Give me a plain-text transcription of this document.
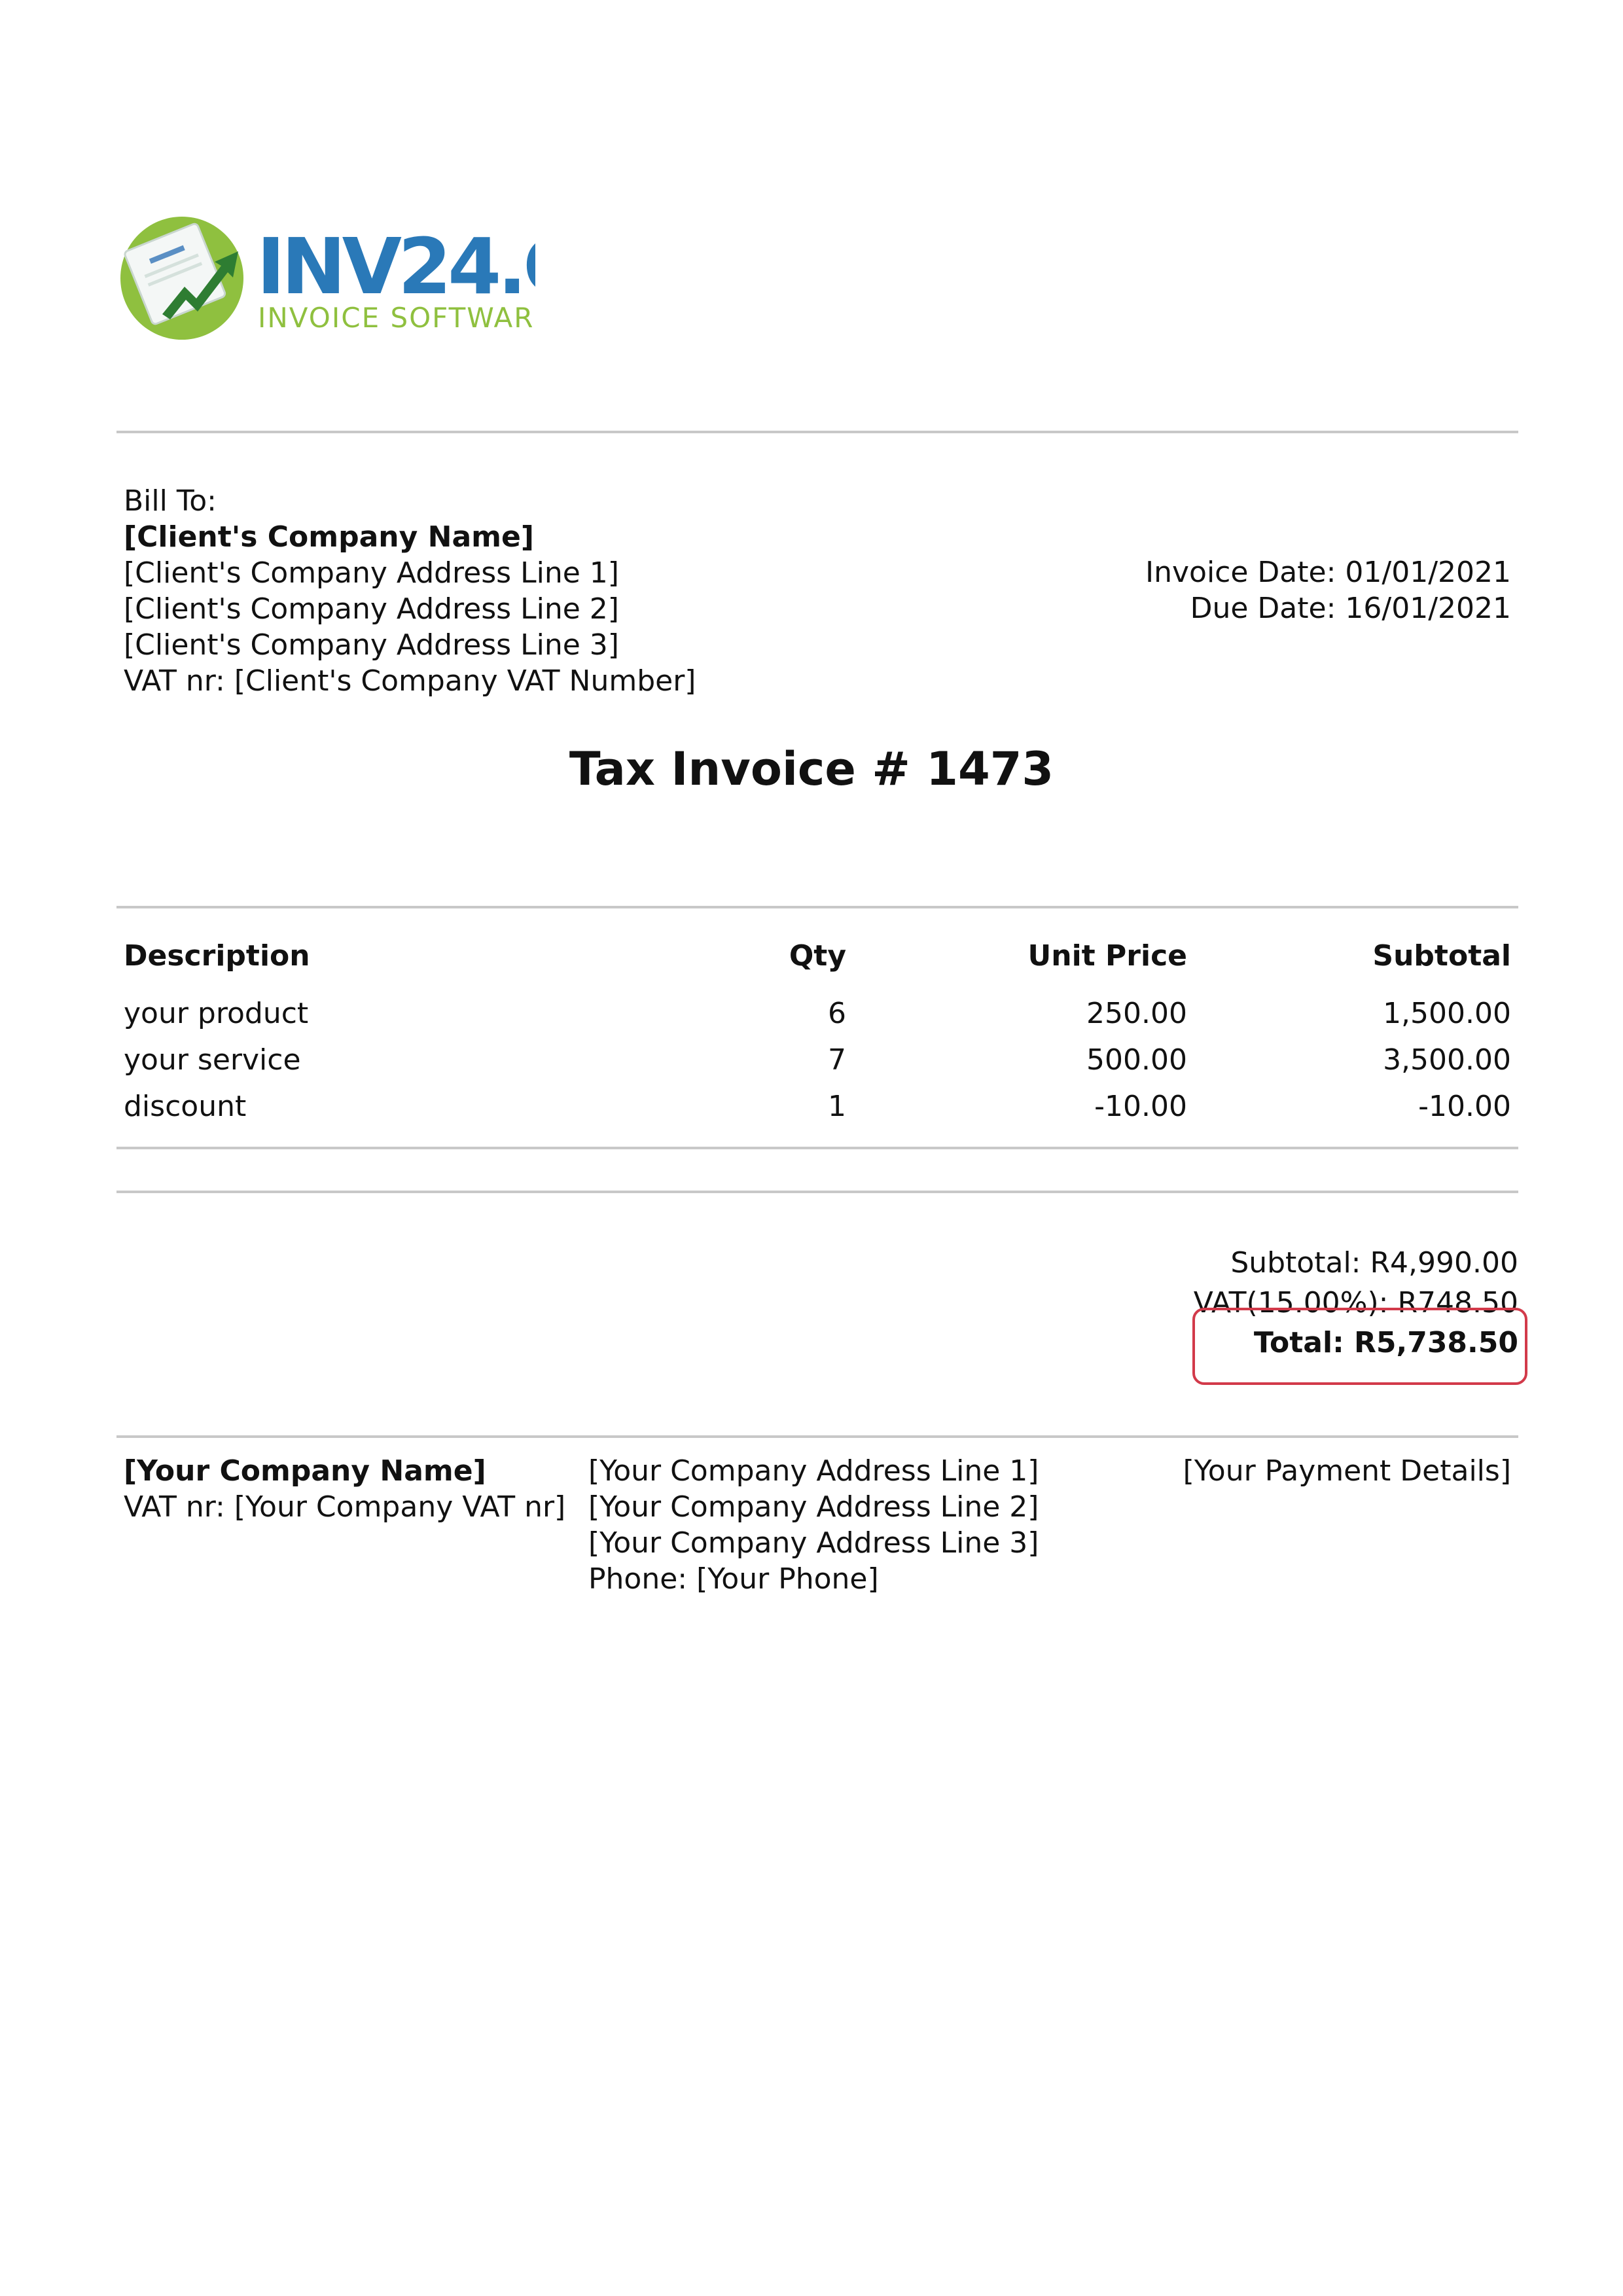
INV24.
INVOICE SOFTWARE
Bill To:
[Client's Company Name]
[Client's Company Address Line 1]
[Client's Company Address Line 2]
[Client's Company Address Line 3]
VAT nr: [Client's Company VAT Number]
Invoice Date: 01/01/2021
Due Date: 16/01/2021
Tax Invoice # 1473
Description	Qty	Unit Price	Subtotal
your product	6	250.00	1,500.00
your service	7	500.00	3,500.00
discount	1	-10.00	-10.00
Subtotal: R4,990.00
VAT(15.00%): R748.50
Total: R5,738.50
[Your Company Name]
VAT nr: [Your Company VAT nr]
[Your Company Address Line 1]
[Your Company Address Line 2]
[Your Company Address Line 3]
Phone: [Your Phone]
[Your Payment Details]
